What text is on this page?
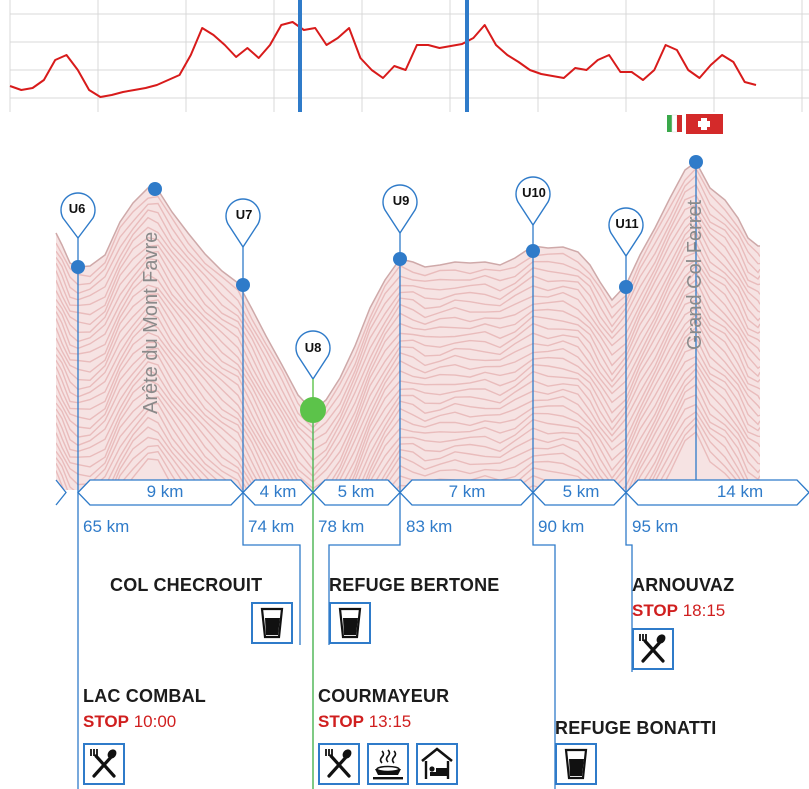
Arête du Mont Favre	Grand Col Ferret
U6	U7
U8
U9
U10
U11
9 km	4 km	5 km	7 km	5 km	14 km
65 km	74 km 78 km 83 km	90 km	95 km
LAC COMBAL
STOP 10:00
COL CHECROUIT
COURMAYEUR
STOP 13:15
REFUGE BERTONE
REFUGE BONATTI
ARNOUVAZ
STOP 18:15
